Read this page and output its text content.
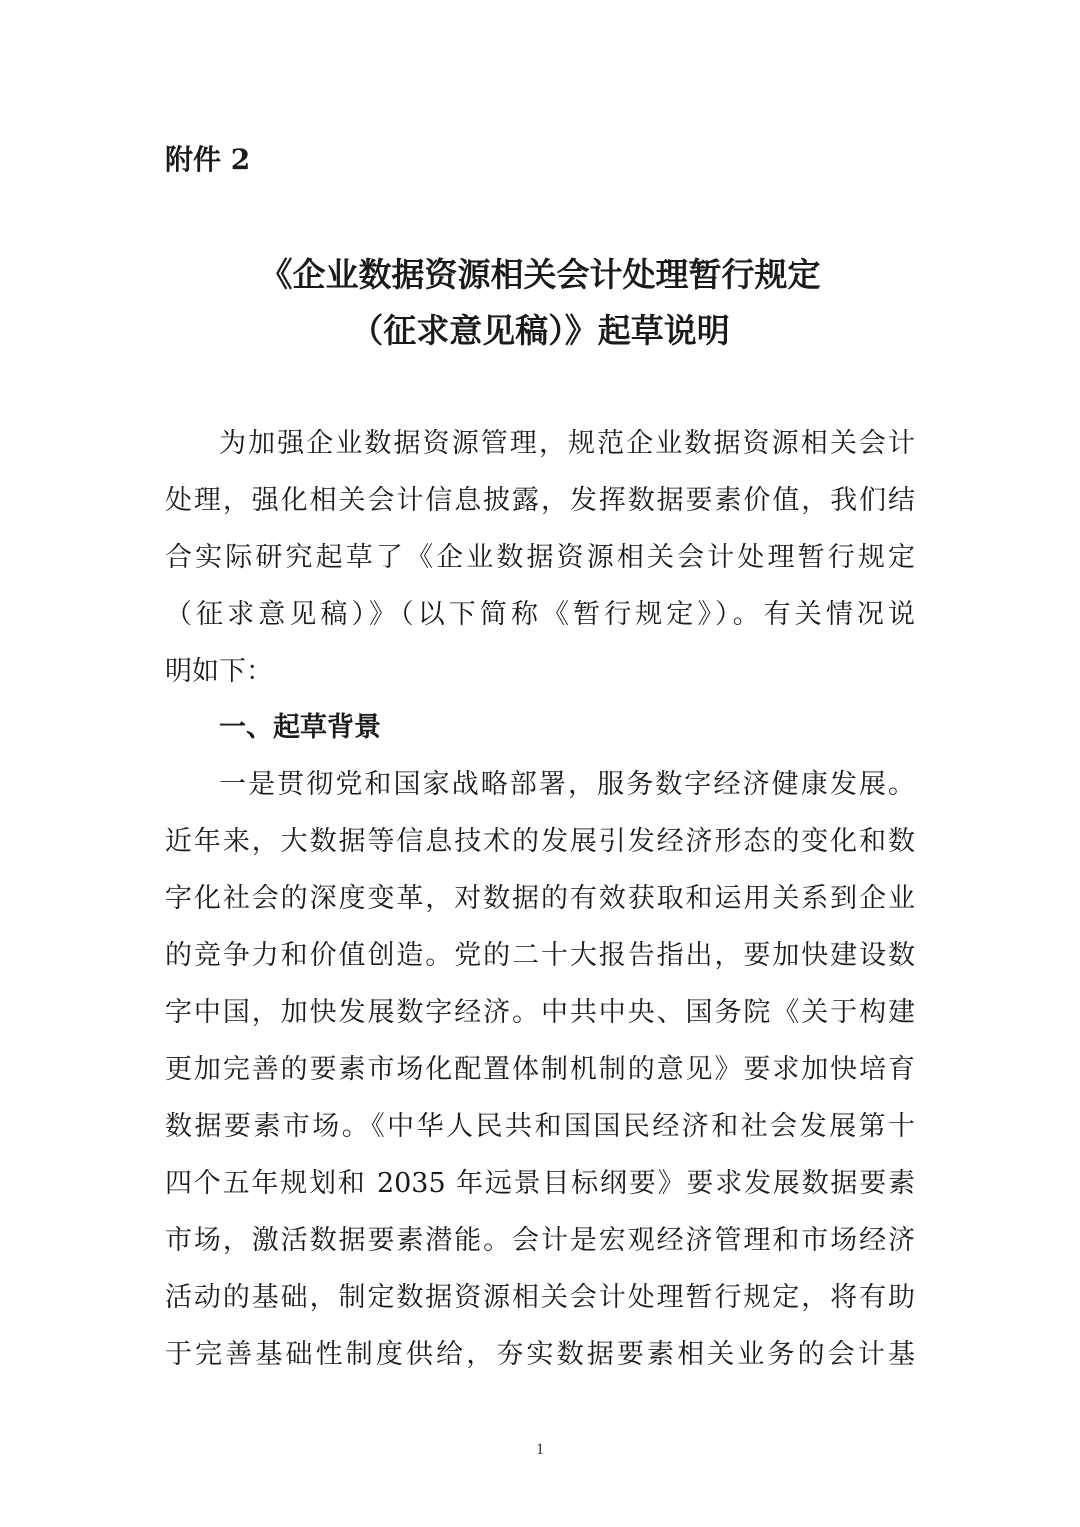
附件 2
《企业数据资源相关会计处理暂行规定
（征求意见稿）》起草说明
为加强企业数据资源管理，规范企业数据资源相关会计
处理，强化相关会计信息披露，发挥数据要素价值，我们结
合实际研究起草了《企业数据资源相关会计处理暂行规定
（征求意见稿）》（以下简称《暂行规定》）。有关情况说
明如下：
一、起草背景
一是贯彻党和国家战略部署，服务数字经济健康发展。
近年来，大数据等信息技术的发展引发经济形态的变化和数
字化社会的深度变革，对数据的有效获取和运用关系到企业
的竞争力和价值创造。党的二十大报告指出，要加快建设数
字中国，加快发展数字经济。中共中央、国务院《关于构建
更加完善的要素市场化配置体制机制的意见》要求加快培育
数据要素市场。《中华人民共和国国民经济和社会发展第十
四个五年规划和 2035 年远景目标纲要》要求发展数据要素
市场，激活数据要素潜能。会计是宏观经济管理和市场经济
活动的基础，制定数据资源相关会计处理暂行规定，将有助
于完善基础性制度供给，夯实数据要素相关业务的会计基
1
